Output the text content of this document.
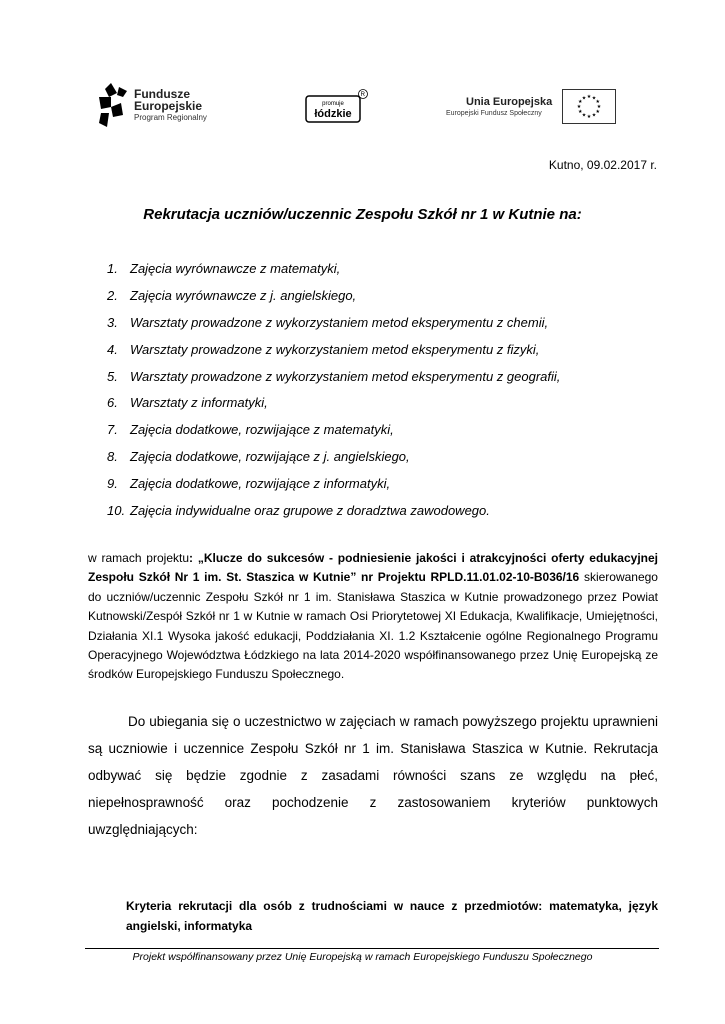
Fundusze
Europejskie
Program Regionalny
R
promuje
łódzkie
Unia Europejska
Europejski Fundusz Społeczny
★ ★
★
★
★
★
★
★
★
★
★
★
Kutno, 09.02.2017 r.
Rekrutacja uczniów/uczennic Zespołu Szkół nr 1 w Kutnie na:
1. Zajęcia wyrównawcze z matematyki,
2. Zajęcia wyrównawcze z j. angielskiego,
3. Warsztaty prowadzone z wykorzystaniem metod eksperymentu z chemii,
4. Warsztaty prowadzone z wykorzystaniem metod eksperymentu z fizyki,
5. Warsztaty prowadzone z wykorzystaniem metod eksperymentu z geografii,
6. Warsztaty z informatyki,
7. Zajęcia dodatkowe, rozwijające z matematyki,
8. Zajęcia dodatkowe, rozwijające z j. angielskiego,
9. Zajęcia dodatkowe, rozwijające z informatyki,
10. Zajęcia indywidualne oraz grupowe z doradztwa zawodowego.
w ramach projektu: „Klucze do sukcesów - podniesienie jakości i atrakcyjności oferty edukacyjnej Zespołu Szkół Nr 1 im. St. Staszica w Kutnie” nr Projektu RPLD.11.01.02-10-B036/16 skierowanego do uczniów/uczennic Zespołu Szkół nr 1 im. Stanisława Staszica w Kutnie prowadzonego przez Powiat Kutnowski/Zespół Szkół nr 1 w Kutnie w ramach Osi Priorytetowej XI Edukacja, Kwalifikacje, Umiejętności, Działania XI.1 Wysoka jakość edukacji, Poddziałania XI. 1.2 Kształcenie ogólne Regionalnego Programu Operacyjnego Województwa Łódzkiego na lata 2014-2020 współfinansowanego przez Unię Europejską ze środków Europejskiego Funduszu Społecznego.
Do ubiegania się o uczestnictwo w zajęciach w ramach powyższego projektu uprawnieni są uczniowie i uczennice Zespołu Szkół nr 1 im. Stanisława Staszica w Kutnie. Rekrutacja odbywać się będzie zgodnie z zasadami równości szans ze względu na płeć, niepełnosprawność oraz pochodzenie z zastosowaniem kryteriów punktowych uwzględniających:
Kryteria rekrutacji dla osób z trudnościami w nauce z przedmiotów: matematyka, język angielski, informatyka
Projekt współfinansowany przez Unię Europejską w ramach Europejskiego Funduszu Społecznego
